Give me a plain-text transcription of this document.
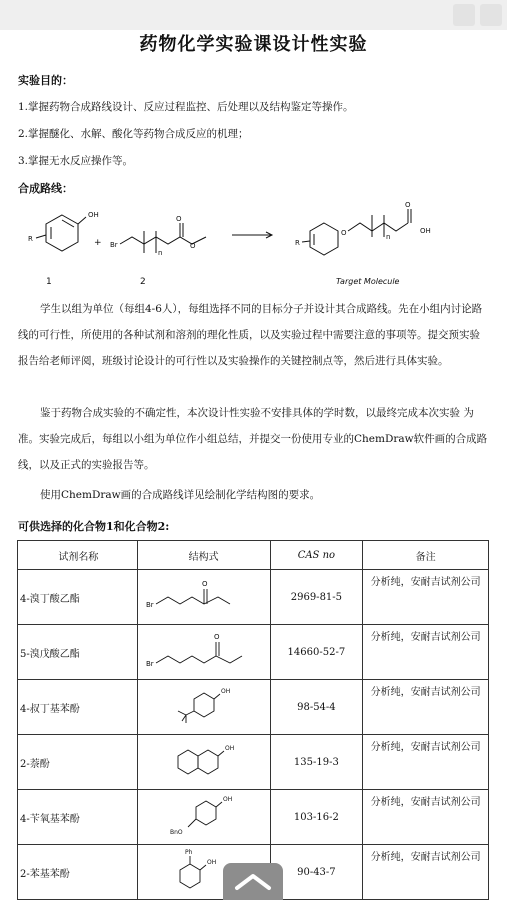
药物化学实验课设计性实验
实验目的：
1.掌握药物合成路线设计、反应过程监控、后处理以及结构鉴定等操作。
2.掌握醚化、水解、酸化等药物合成反应的机理；
3.掌握无水反应操作等。
合成路线：
OH
R	+ Br
n
O
O	R
O	n
O
OH
1	2	Target Molecule
学生以组为单位（每组4-6人），每组选择不同的目标分子并设计其合成路线。先在小组内讨论路线的可行性，所使用的各种试剂和溶剂的理化性质，以及实验过程中需要注意的事项等。提交预实验报告给老师评阅，班级讨论设计的可行性以及实验操作的关键控制点等，然后进行具体实验。
鉴于药物合成实验的不确定性，本次设计性实验不安排具体的学时数，以最终完成本次实验 为准。实验完成后，每组以小组为单位作小组总结，并提交一份使用专业的ChemDraw软件画的合成路线，以及正式的实验报告等。
使用ChemDraw画的合成路线详见绘制化学结构图的要求。
可供选择的化合物1和化合物2:
试剂名称	结构式	CAS no	备注
4-溴丁酸乙酯	Br
O	2969-81-5	分析纯，安耐吉试剂公司
5-溴戊酸乙酯	Br
O	14660-52-7	分析纯，安耐吉试剂公司
4-叔丁基苯酚	OH	98-54-4	分析纯，安耐吉试剂公司
2-萘酚	OH	135-19-3	分析纯，安耐吉试剂公司
4-苄氧基苯酚	OH
BnO	103-16-2	分析纯，安耐吉试剂公司
2-苯基苯酚	Ph
OH	90-43-7	分析纯，安耐吉试剂公司
